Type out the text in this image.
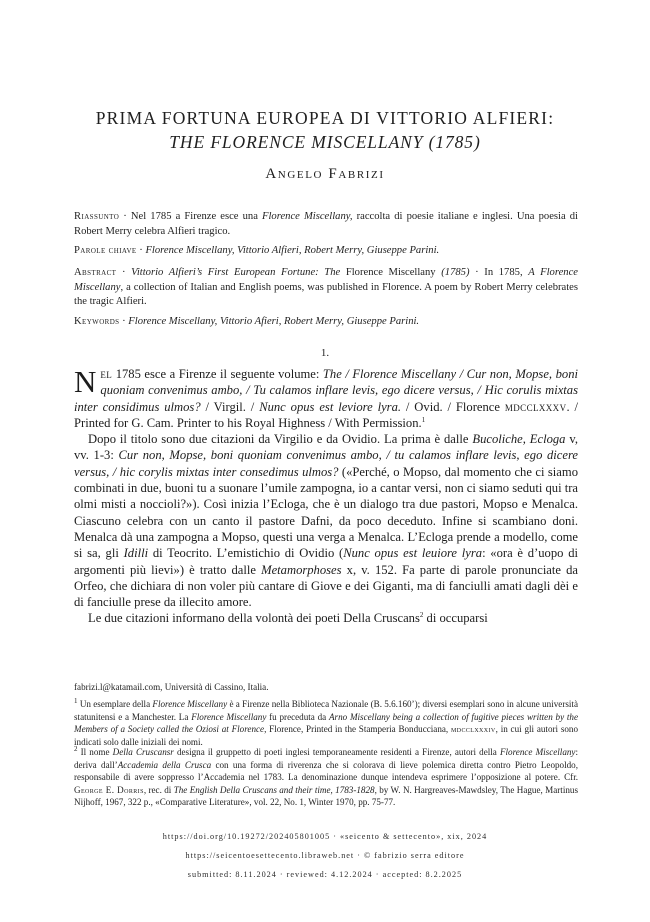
PRIMA FORTUNA EUROPEA DI VITTORIO ALFIERI:
THE FLORENCE MISCELLANY (1785)
Angelo Fabrizi
Riassunto · Nel 1785 a Firenze esce una Florence Miscellany, raccolta di poesie italiane e inglesi. Una poesia di Robert Merry celebra Alfieri tragico.
Parole chiave · Florence Miscellany, Vittorio Alfieri, Robert Merry, Giuseppe Parini.
Abstract · Vittorio Alfieri’s First European Fortune: The Florence Miscellany (1785) · In 1785, A Florence Miscellany, a collection of Italian and English poems, was published in Florence. A poem by Robert Merry celebrates the tragic Alfieri.
Keywords · Florence Miscellany, Vittorio Afieri, Robert Merry, Giuseppe Parini.
1.

Nel 1785 esce a Firenze il seguente volume: The / Florence Miscellany / Cur non, Mopse, boni quoniam convenimus ambo, / Tu calamos inflare levis, ego dicere versus, / Hic corulis mixtas inter considimus ulmos? / Virgil. / Nunc opus est leviore lyra. / Ovid. / Florence mdcclxxxv. / Printed for G. Cam. Printer to his Royal Highness / With Permission.$^1$

Dopo il titolo sono due citazioni da Virgilio e da Ovidio. La prima è dalle Bucoliche, Ecloga v, vv. 1-3: Cur non, Mopse, boni quoniam convenimus ambo, / tu calamos inflare levis, ego dicere versus, / hic corylis mixtas inter consedimus ulmos? («Perché, o Mopso, dal momento che ci siamo combinati in due, buoni tu a suonare l’umile zampogna, io a cantar versi, non ci siamo seduti qui tra olmi misti a noccioli?»). Così inizia l’Ecloga, che è un dialogo tra due pastori, Mopso e Menalca. Ciascuno celebra con un canto il pastore Dafni, da poco deceduto. Infine si scambiano doni. Menalca dà una zampogna a Mopso, questi una verga a Menalca. L’Ecloga prende a modello, come si sa, gli Idilli di Teocrito. L’emistichio di Ovidio (Nunc opus est leuiore lyra: «ora è d’uopo di argomenti più lievi») è tratto dalle Metamorphoses x, v. 152. Fa parte di parole pronunciate da Orfeo, che dichiara di non voler più cantare di Giove e dei Giganti, ma di fanciulli amati dagli dèi e di fanciulle prese da illecito amore.

Le due citazioni informano della volontà dei poeti Della Cruscans$^2$ di occuparsi

fabrizi.l@katamail.com, Università di Cassino, Italia.
$^1$ Un esemplare della Florence Miscellany è a Firenze nella Biblioteca Nazionale (B. 5.6.160’); diversi esemplari sono in alcune università statunitensi e a Manchester. La Florence Miscellany fu preceduta da Arno Miscellany being a collection of fugitive pieces written by the Members of a Society called the Oziosi at Florence, Florence, Printed in the Stamperia Bonducciana, mdcclxxxiv, in cui gli autori sono indicati solo dalle iniziali dei nomi.
$^2$ Il nome Della Cruscansr designa il gruppetto di poeti inglesi temporaneamente residenti a Firenze, autori della Florence Miscellany: deriva dall’Accademia della Crusca con una forma di riverenza che si colorava di lieve polemica diretta contro Pietro Leopoldo, responsabile di avere soppresso l’Accademia nel 1783. La denominazione dunque intendeva esprimere l’opposizione al potere. Cfr. George E. Dorris, rec. di The English Della Cruscans and their time, 1783-1828, by W. N. Hargreaves-Mawdsley, The Hague, Martinus Nijhoff, 1967, 322 p., «Comparative Literature», vol. 22, No. 1, Winter 1970, pp. 75-77.
https://doi.org/10.19272/202405801005 · «seicento & settecento», xix, 2024
https://seicentoesettecento.libraweb.net · © fabrizio serra editore
submitted: 8.11.2024 · reviewed: 4.12.2024 · accepted: 8.2.2025
